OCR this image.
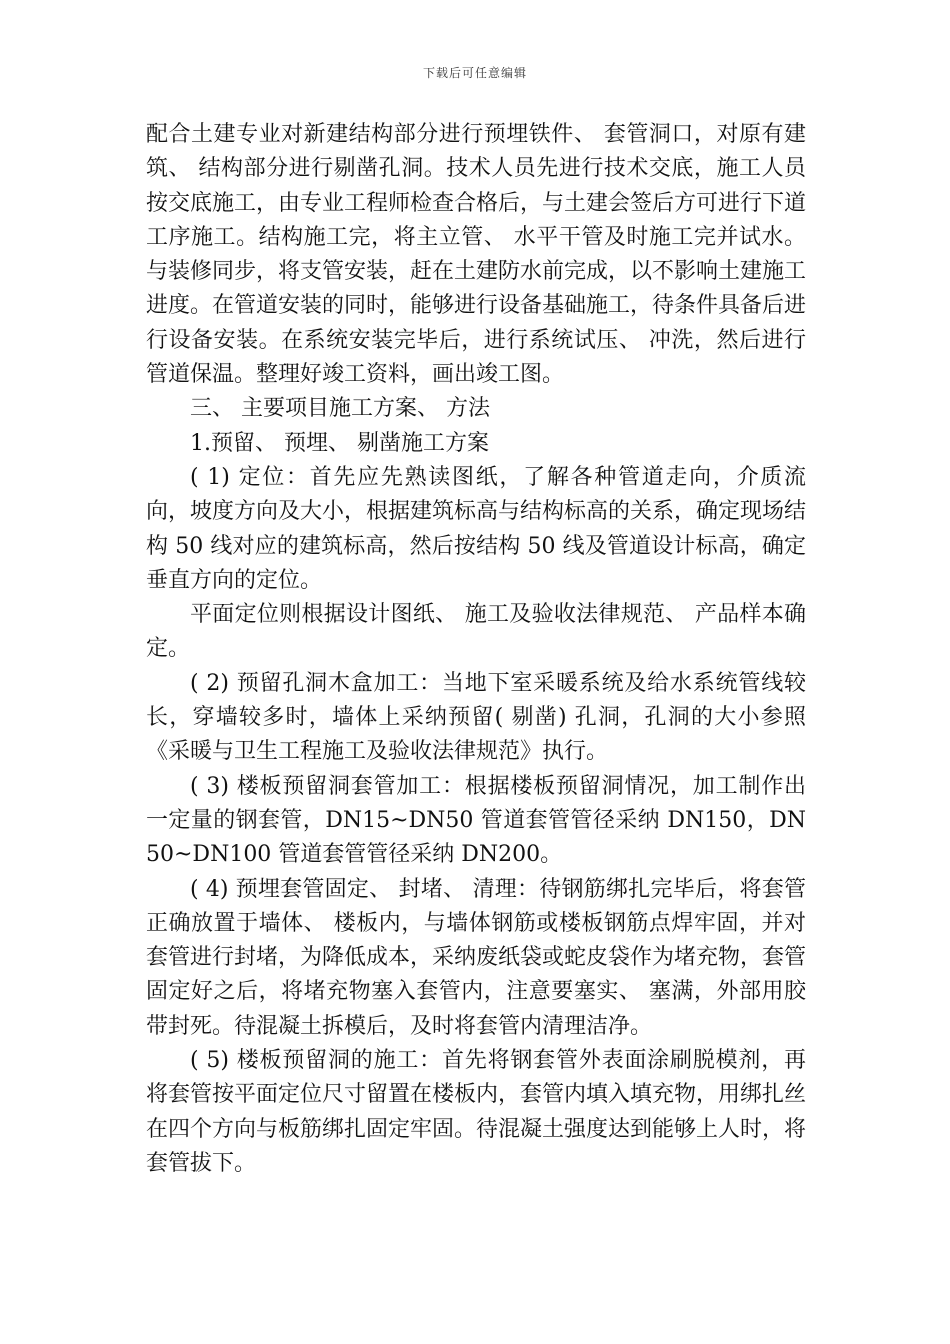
下载后可任意编辑

配合土建专业对新建结构部分进行预埋铁件、 套管洞口，对原有建筑、 结构部分进行剔凿孔洞。技术人员先进行技术交底，施工人员按交底施工，由专业工程师检查合格后，与土建会签后方可进行下道工序施工。结构施工完，将主立管、 水平干管及时施工完并试水。与装修同步，将支管安装，赶在土建防水前完成，以不影响土建施工进度。在管道安装的同时，能够进行设备基础施工，待条件具备后进行设备安装。在系统安装完毕后，进行系统试压、 冲洗，然后进行管道保温。整理好竣工资料，画出竣工图。

三、 主要项目施工方案、 方法

1.预留、 预埋、 剔凿施工方案

( 1) 定位：首先应先熟读图纸，了解各种管道走向，介质流向，坡度方向及大小，根据建筑标高与结构标高的关系，确定现场结构 50 线对应的建筑标高，然后按结构 50 线及管道设计标高，确定垂直方向的定位。

平面定位则根据设计图纸、 施工及验收法律规范、 产品样本确定。

( 2) 预留孔洞木盒加工：当地下室采暖系统及给水系统管线较长，穿墙较多时，墙体上采纳预留( 剔凿) 孔洞，孔洞的大小参照《采暖与卫生工程施工及验收法律规范》执行。

( 3) 楼板预留洞套管加工：根据楼板预留洞情况，加工制作出一定量的钢套管，DN15~DN50 管道套管管径采纳 DN150，DN50~DN100 管道套管管径采纳 DN200。

( 4) 预埋套管固定、 封堵、 清理：待钢筋绑扎完毕后，将套管正确放置于墙体、 楼板内，与墙体钢筋或楼板钢筋点焊牢固，并对套管进行封堵，为降低成本，采纳废纸袋或蛇皮袋作为堵充物，套管固定好之后，将堵充物塞入套管内，注意要塞实、 塞满，外部用胶带封死。待混凝土拆模后，及时将套管内清理洁净。

( 5) 楼板预留洞的施工：首先将钢套管外表面涂刷脱模剂，再将套管按平面定位尺寸留置在楼板内，套管内填入填充物，用绑扎丝在四个方向与板筋绑扎固定牢固。待混凝土强度达到能够上人时，将套管拔下。
